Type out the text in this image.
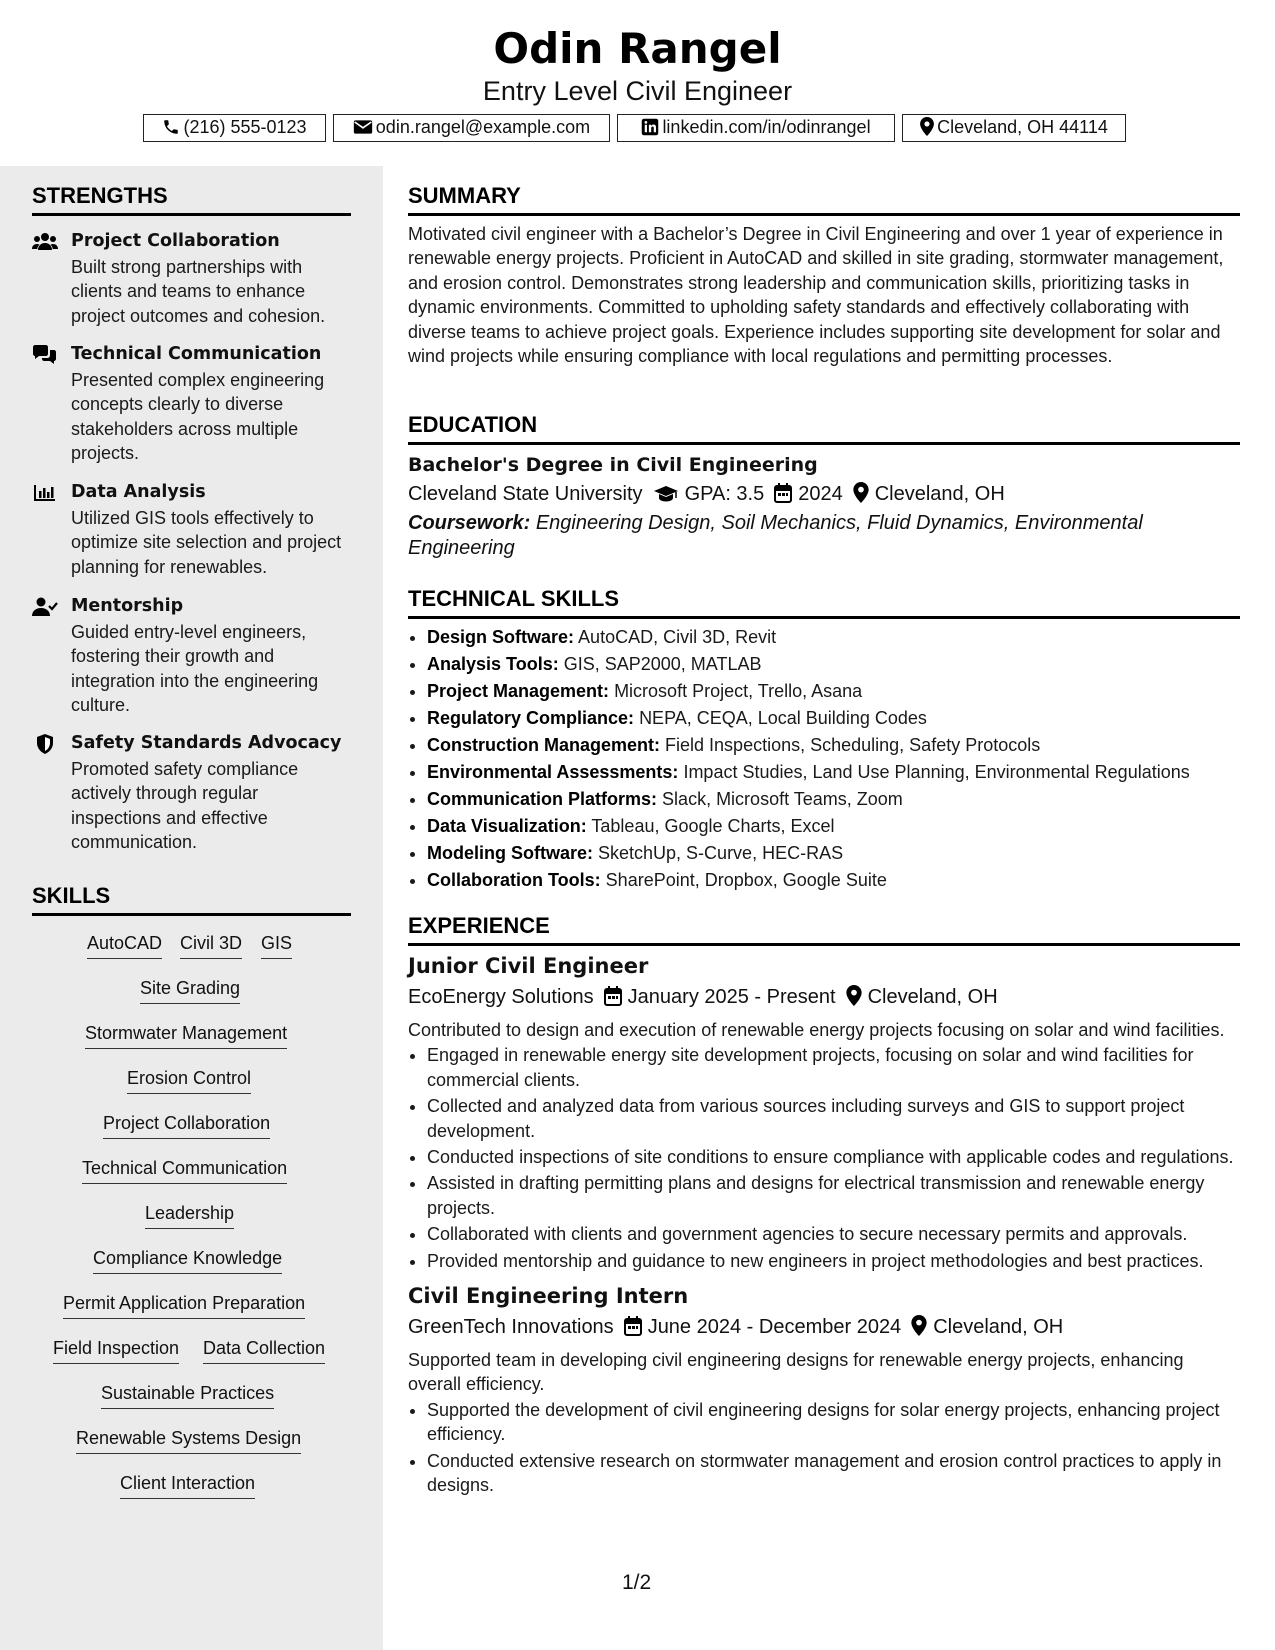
Odin Rangel
Entry Level Civil Engineer
(216) 555-0123	odin.rangel@example.com	linkedin.com/in/odinrangel	Cleveland, OH 44114
STRENGTHS
Project Collaboration
Built strong partnerships with clients and teams to enhance project outcomes and cohesion.
Technical Communication
Presented complex engineering concepts clearly to diverse stakeholders across multiple projects.
Data Analysis
Utilized GIS tools effectively to optimize site selection and project planning for renewables.
Mentorship
Guided entry-level engineers, fostering their growth and integration into the engineering culture.
Safety Standards Advocacy
Promoted safety compliance actively through regular inspections and effective communication.
SKILLS
AutoCAD Civil 3D GIS
Site Grading
Stormwater Management
Erosion Control
Project Collaboration
Technical Communication
Leadership
Compliance Knowledge
Permit Application Preparation
Field Inspection Data Collection
Sustainable Practices
Renewable Systems Design
Client Interaction
SUMMARY

Motivated civil engineer with a Bachelor’s Degree in Civil Engineering and over 1 year of experience in renewable energy projects. Proficient in AutoCAD and skilled in site grading, stormwater management, and erosion control. Demonstrates strong leadership and communication skills, prioritizing tasks in dynamic environments. Committed to upholding safety standards and effectively collaborating with diverse teams to achieve project goals. Experience includes supporting site development for solar and wind projects while ensuring compliance with local regulations and permitting processes.

EDUCATION
Bachelor's Degree in Civil Engineering
Cleveland State University GPA: 3.5 2024 Cleveland, OH
Coursework: Engineering Design, Soil Mechanics, Fluid Dynamics, Environmental Engineering
TECHNICAL SKILLS
• Design Software: AutoCAD, Civil 3D, Revit
• Analysis Tools: GIS, SAP2000, MATLAB
• Project Management: Microsoft Project, Trello, Asana
• Regulatory Compliance: NEPA, CEQA, Local Building Codes
• Construction Management: Field Inspections, Scheduling, Safety Protocols
• Environmental Assessments: Impact Studies, Land Use Planning, Environmental Regulations
• Communication Platforms: Slack, Microsoft Teams, Zoom
• Data Visualization: Tableau, Google Charts, Excel
• Modeling Software: SketchUp, S-Curve, HEC-RAS
• Collaboration Tools: SharePoint, Dropbox, Google Suite
EXPERIENCE
Junior Civil Engineer
EcoEnergy Solutions January 2025 - Present Cleveland, OH

Contributed to design and execution of renewable energy projects focusing on solar and wind facilities.

• Engaged in renewable energy site development projects, focusing on solar and wind facilities for commercial clients.
• Collected and analyzed data from various sources including surveys and GIS to support project development.
• Conducted inspections of site conditions to ensure compliance with applicable codes and regulations.
• Assisted in drafting permitting plans and designs for electrical transmission and renewable energy projects.
• Collaborated with clients and government agencies to secure necessary permits and approvals.
• Provided mentorship and guidance to new engineers in project methodologies and best practices.
Civil Engineering Intern
GreenTech Innovations June 2024 - December 2024 Cleveland, OH

Supported team in developing civil engineering designs for renewable energy projects, enhancing overall efficiency.

• Supported the development of civil engineering designs for solar energy projects, enhancing project efficiency.
• Conducted extensive research on stormwater management and erosion control practices to apply in designs.
1/2
